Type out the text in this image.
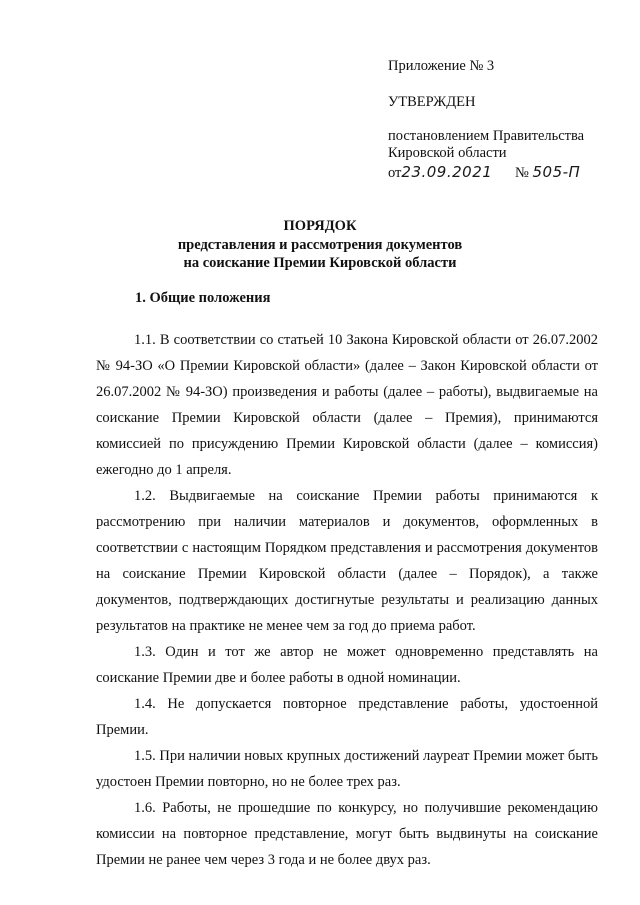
Приложение № 3
УТВЕРЖДЕН
постановлением Правительства
Кировской области
от23.09.2021 № 505-П
ПОРЯДОК
представления и рассмотрения документов
на соискание Премии Кировской области
1. Общие положения

1.1. В соответствии со статьей 10 Закона Кировской области от 26.07.2002 № 94-ЗО «О Премии Кировской области» (далее – Закон Кировской области от 26.07.2002 № 94-ЗО) произведения и работы (далее – работы), выдвигаемые на соискание Премии Кировской области (далее – Премия), принимаются комиссией по присуждению Премии Кировской области (далее – комиссия) ежегодно до 1 апреля.

1.2. Выдвигаемые на соискание Премии работы принимаются к рассмотрению при наличии материалов и документов, оформленных в соответствии с настоящим Порядком представления и рассмотрения документов на соискание Премии Кировской области (далее – Порядок), а также документов, подтверждающих достигнутые результаты и реализацию данных результатов на практике не менее чем за год до приема работ.

1.3. Один и тот же автор не может одновременно представлять на соискание Премии две и более работы в одной номинации.

1.4. Не допускается повторное представление работы, удостоенной Премии.

1.5. При наличии новых крупных достижений лауреат Премии может быть удостоен Премии повторно, но не более трех раз.

1.6. Работы, не прошедшие по конкурсу, но получившие рекомендацию комиссии на повторное представление, могут быть выдвинуты на соискание Премии не ранее чем через 3 года и не более двух раз.
